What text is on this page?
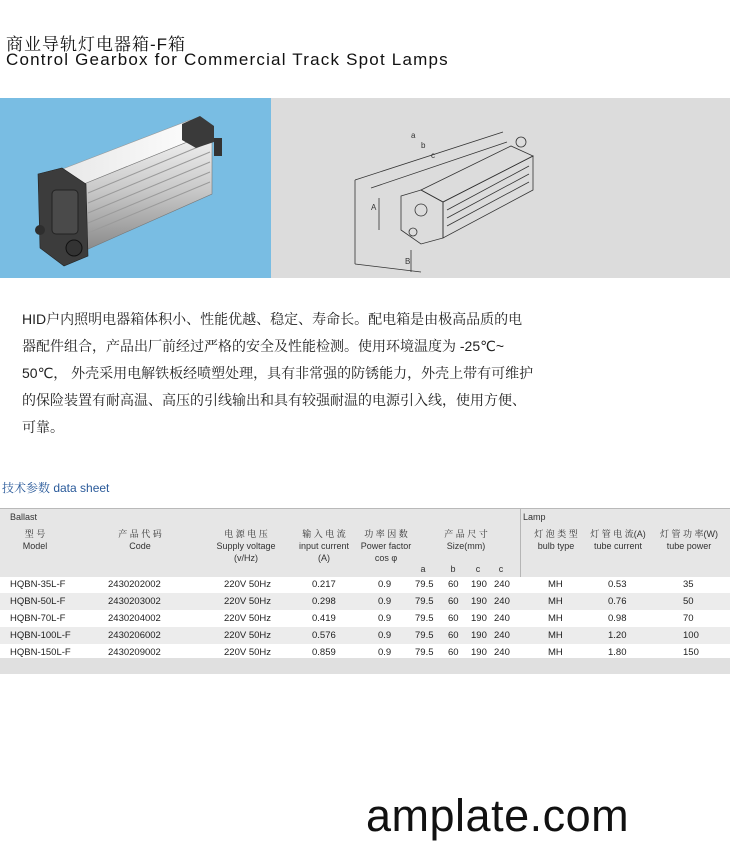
商业导轨灯电器箱-F箱
Control Gearbox for Commercial Track Spot Lamps
a
b
c
A
B

HID户内照明电器箱体积小、性能优越、稳定、寿命长。配电箱是由极高品质的电

器配件组合，产品出厂前经过严格的安全及性能检测。使用环境温度为 -25℃~

50℃， 外壳采用电解铁板经喷塑处理，具有非常强的防锈能力，外壳上带有可维护

的保险装置有耐高温、高压的引线输出和具有较强耐温的电源引入线，使用方便、

可靠。

技术参数 data sheet
Ballast	Lamp
型 号
Model
产 品 代 码
Code
电 源 电 压
Supply voltage
(v/Hz)
输 入 电 流
input current
(A)
功 率 因 数
Power factor
cos φ
产 品 尺 寸
Size(mm)
灯 泡 类 型
bulb type
灯 管 电 流(A)
tube current
灯 管 功 率(W)
tube power
a	b	c	c
HQBN-35L-F	2430202002	220V 50Hz	0.217	0.9	79.5 60 190 240	MH	0.53	35
HQBN-50L-F	2430203002	220V 50Hz	0.298	0.9	79.5 60 190 240	MH	0.76	50
HQBN-70L-F	2430204002	220V 50Hz	0.419	0.9	79.5 60 190 240	MH	0.98	70
HQBN-100L-F	2430206002	220V 50Hz	0.576	0.9	79.5 60 190 240	MH	1.20	100
HQBN-150L-F	2430209002	220V 50Hz	0.859	0.9	79.5 60 190 240	MH	1.80	150
amplate.com
